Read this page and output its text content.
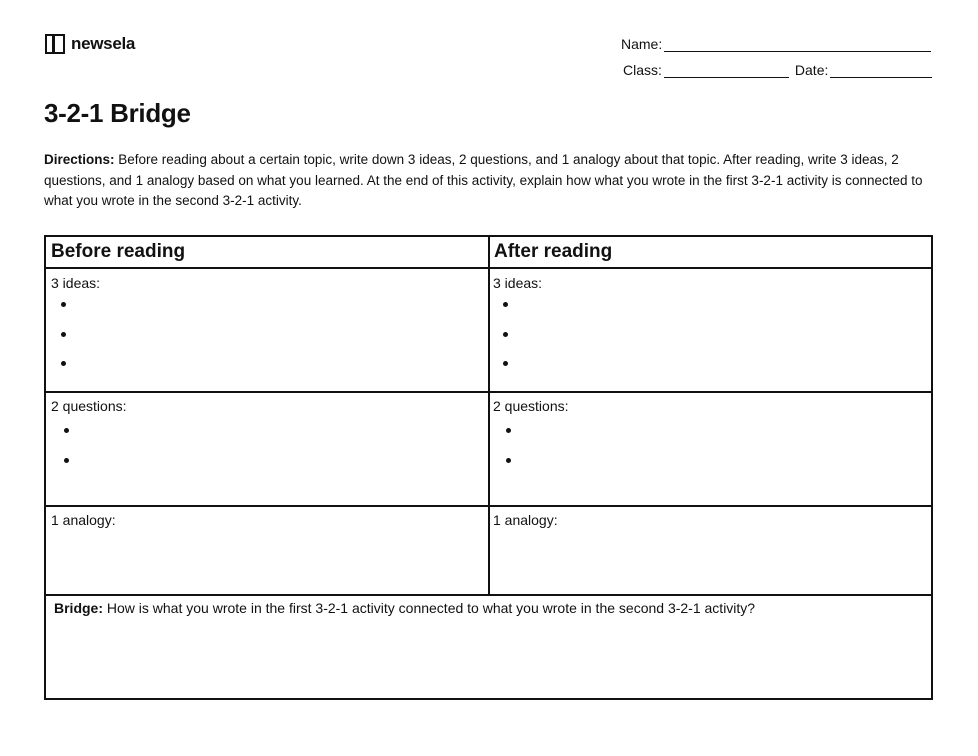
newsela	Name:
Class:	Date:
3-2-1 Bridge

Directions: Before reading about a certain topic, write down 3 ideas, 2 questions, and 1 analogy about that topic. After reading, write 3 ideas, 2 questions, and 1 analogy based on what you learned. At the end of this activity, explain how what you wrote in the first 3-2-1 activity is connected to what you wrote in the second 3-2-1 activity.

Before reading	After reading
3 ideas:	3 ideas:
2 questions:	2 questions:
1 analogy:	1 analogy:
Bridge: How is what you wrote in the first 3-2-1 activity connected to what you wrote in the second 3-2-1 activity?
